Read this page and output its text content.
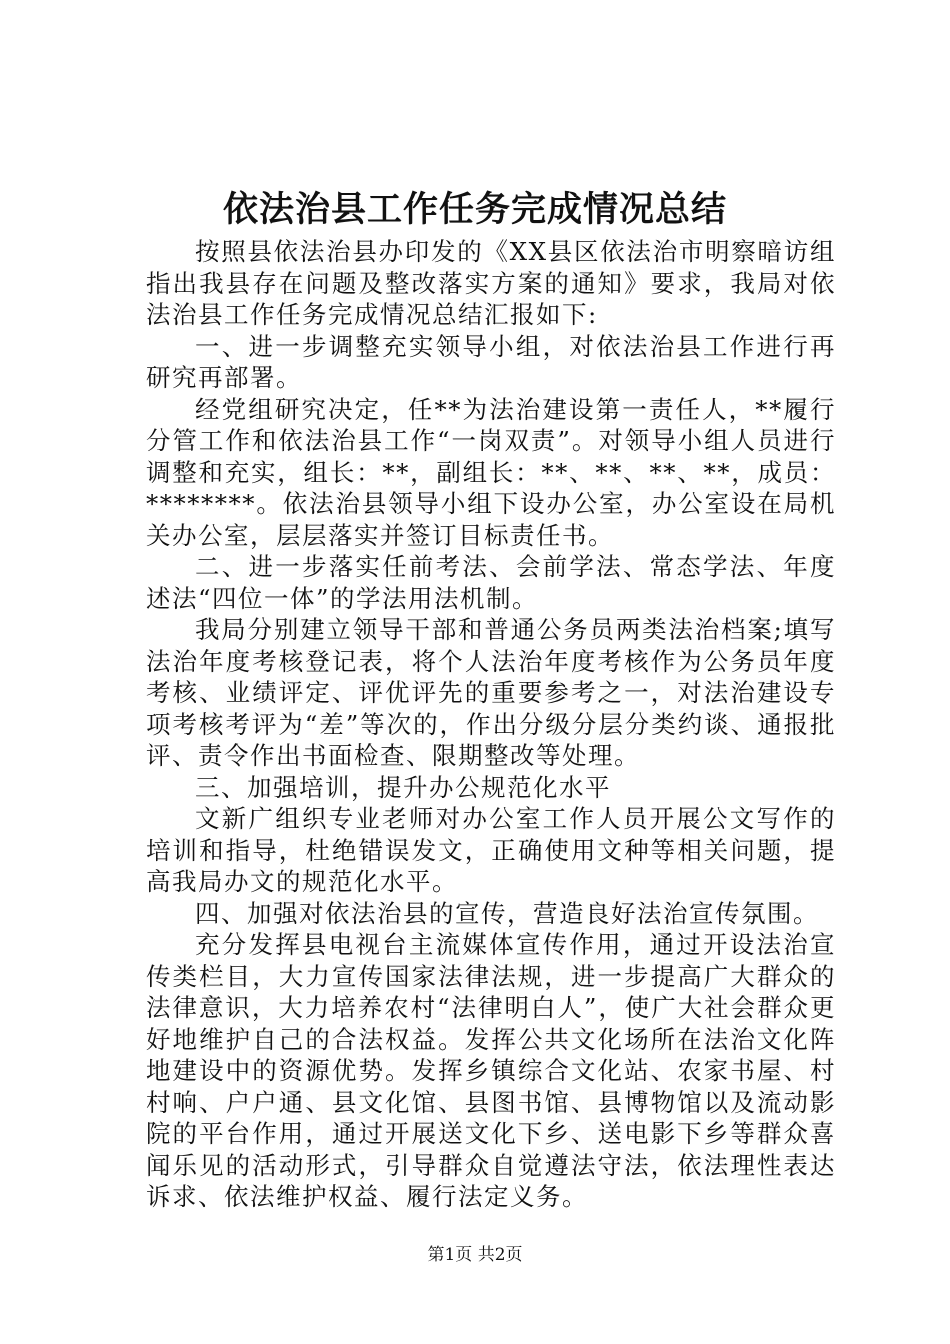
依法治县工作任务完成情况总结

按照县依法治县办印发的《XX县区依法治市明察暗访组指出我县存在问题及整改落实方案的通知》要求，我局对依法治县工作任务完成情况总结汇报如下:

一、进一步调整充实领导小组，对依法治县工作进行再研究再部署。

经党组研究决定，任**为法治建设第一责任人，**履行分管工作和依法治县工作“一岗双责”。对领导小组人员进行调整和充实，组长：**，副组长：**、**、**、**，成员：********。依法治县领导小组下设办公室，办公室设在局机关办公室，层层落实并签订目标责任书。

二、进一步落实任前考法、会前学法、常态学法、年度述法“四位一体”的学法用法机制。

我局分别建立领导干部和普通公务员两类法治档案;填写法治年度考核登记表，将个人法治年度考核作为公务员年度考核、业绩评定、评优评先的重要参考之一，对法治建设专项考核考评为“差”等次的，作出分级分层分类约谈、通报批评、责令作出书面检查、限期整改等处理。

三、加强培训，提升办公规范化水平

文新广组织专业老师对办公室工作人员开展公文写作的培训和指导，杜绝错误发文，正确使用文种等相关问题，提高我局办文的规范化水平。

四、加强对依法治县的宣传，营造良好法治宣传氛围。

充分发挥县电视台主流媒体宣传作用，通过开设法治宣传类栏目，大力宣传国家法律法规，进一步提高广大群众的法律意识，大力培养农村“法律明白人”，使广大社会群众更好地维护自己的合法权益。发挥公共文化场所在法治文化阵地建设中的资源优势。发挥乡镇综合文化站、农家书屋、村村响、户户通、县文化馆、县图书馆、县博物馆以及流动影院的平台作用，通过开展送文化下乡、送电影下乡等群众喜闻乐见的活动形式，引导群众自觉遵法守法，依法理性表达诉求、依法维护权益、履行法定义务。

第1页 共2页
